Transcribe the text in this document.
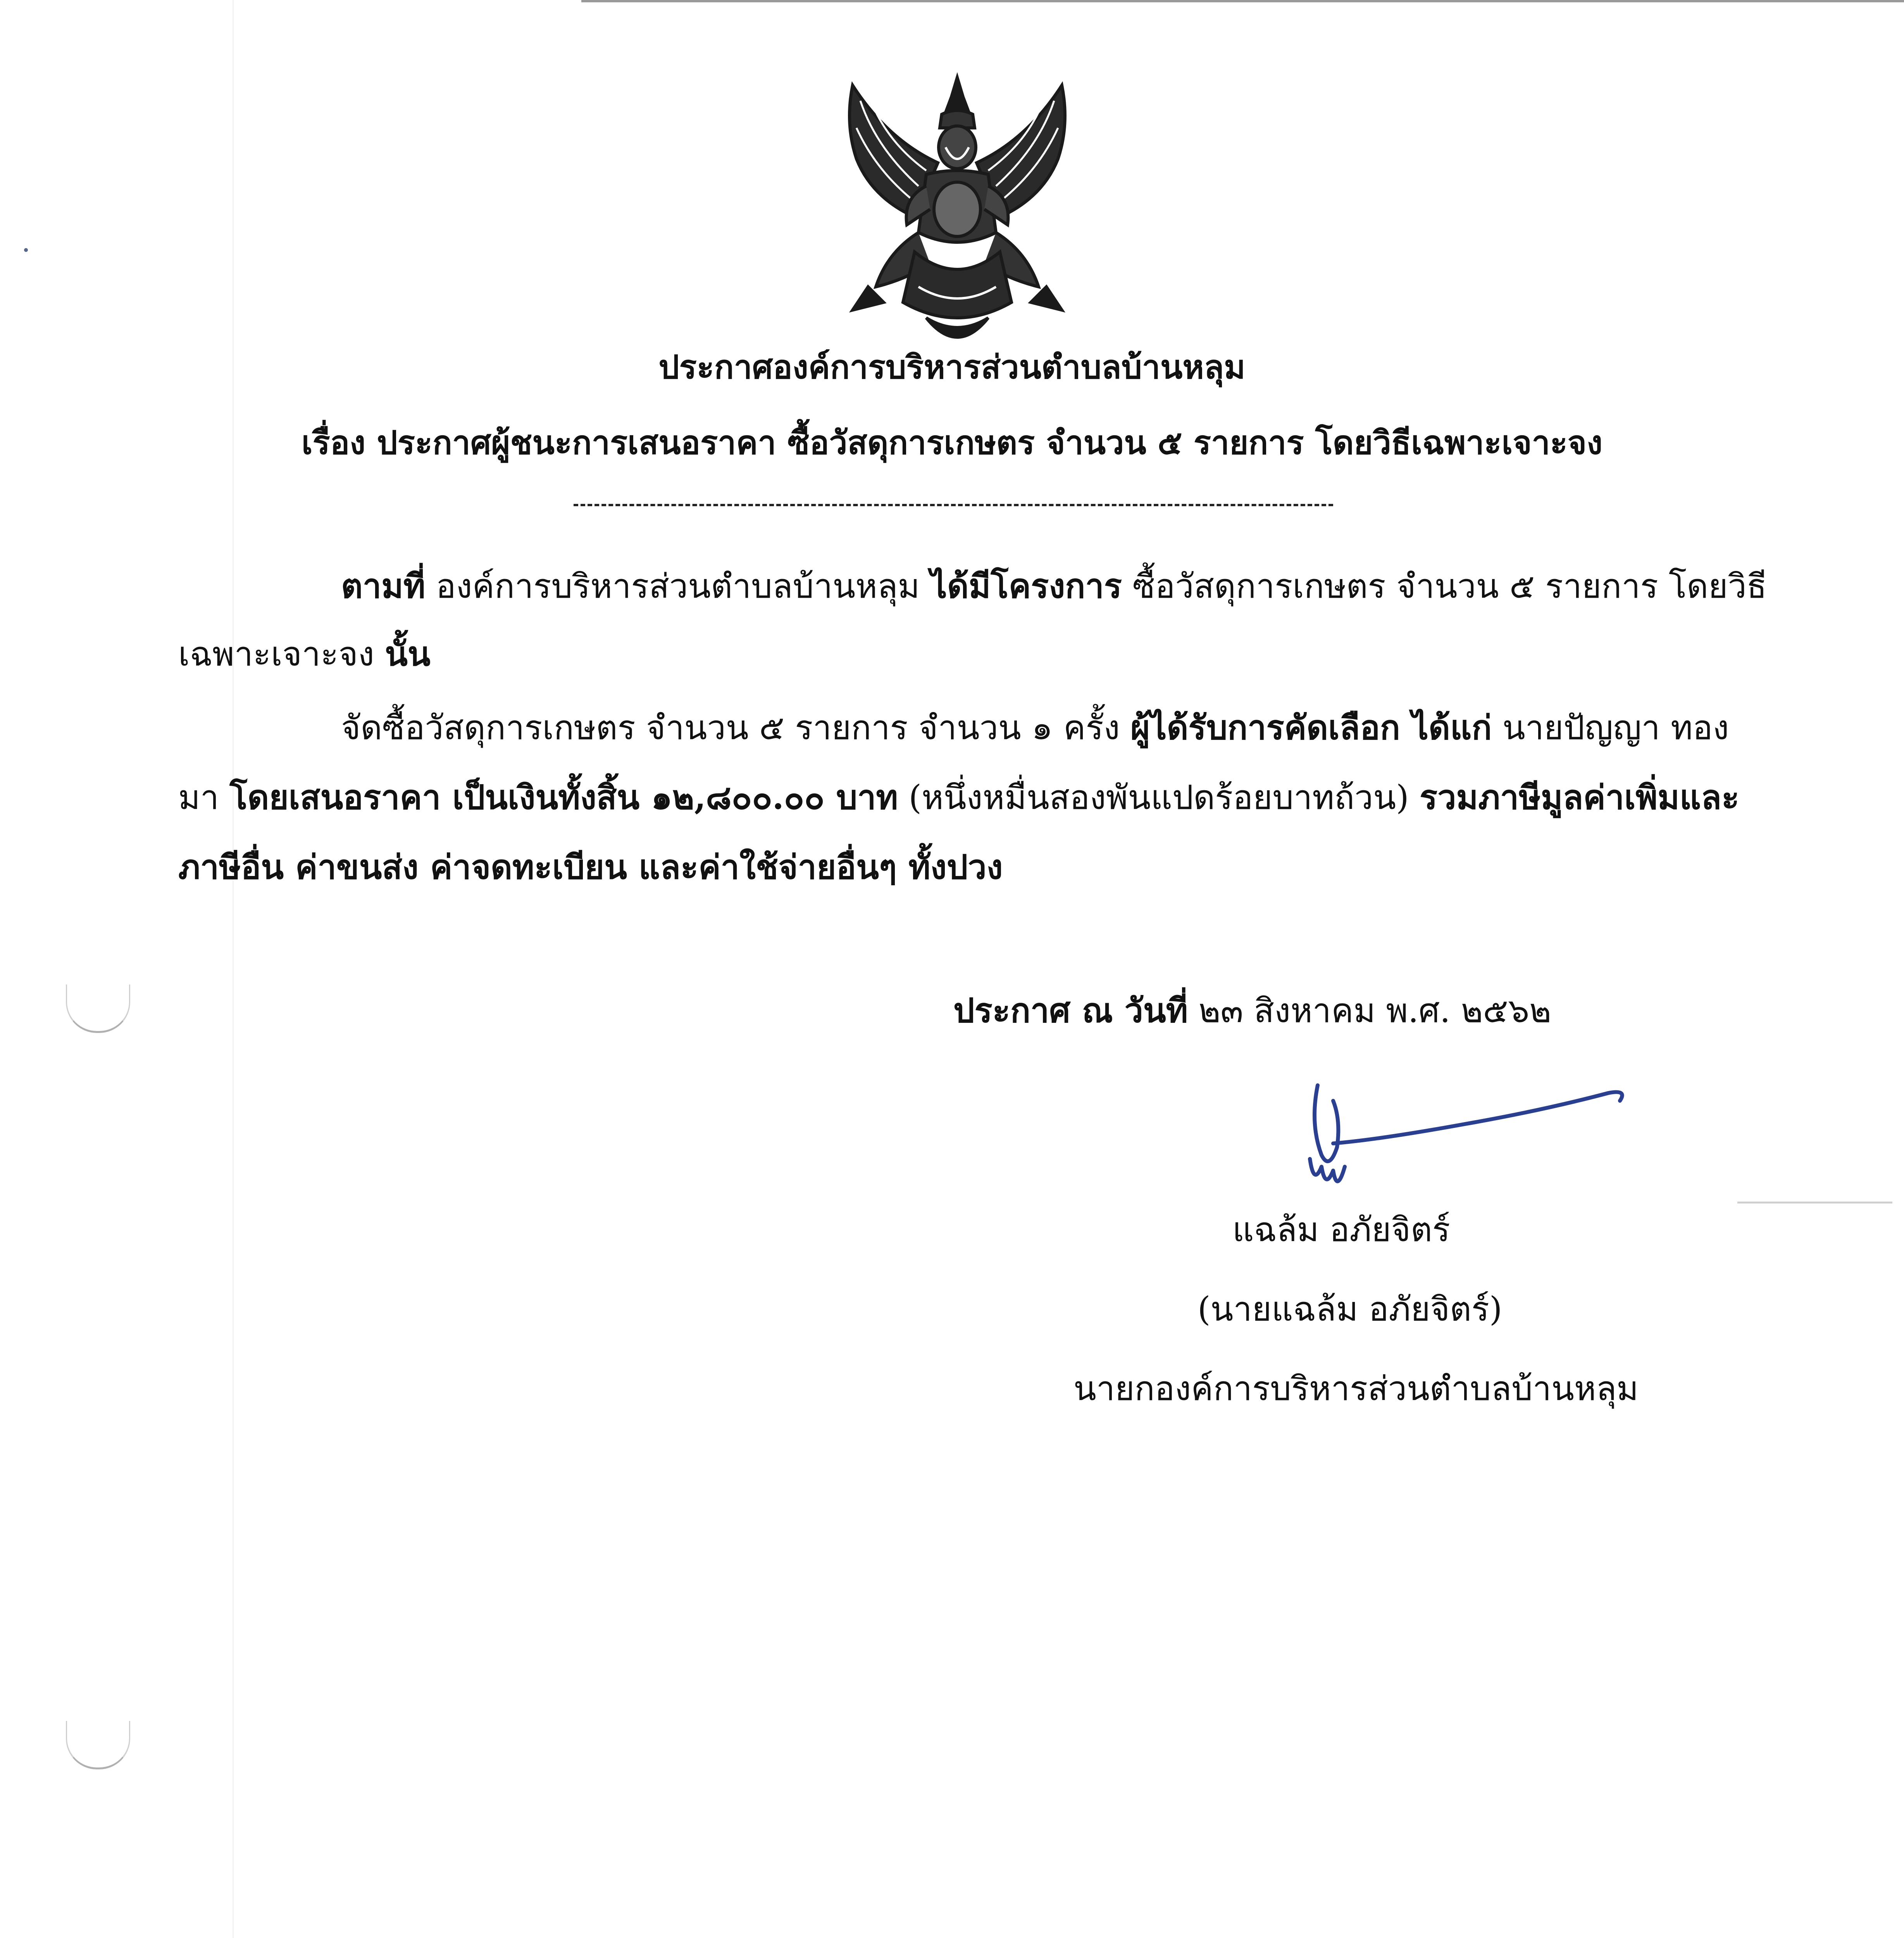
ประกาศองค์การบริหารส่วนตำบลบ้านหลุม
เรื่อง ประกาศผู้ชนะการเสนอราคา ซื้อวัสดุการเกษตร จำนวน ๕ รายการ โดยวิธีเฉพาะเจาะจง
ตามที่ องค์การบริหารส่วนตำบลบ้านหลุม ได้มีโครงการ ซื้อวัสดุการเกษตร จำนวน ๕ รายการ โดยวิธี
เฉพาะเจาะจง นั้น
จัดซื้อวัสดุการเกษตร จำนวน ๕ รายการ จำนวน ๑ ครั้ง ผู้ได้รับการคัดเลือก ได้แก่ นายปัญญา ทอง
มา โดยเสนอราคา เป็นเงินทั้งสิ้น ๑๒,๘๐๐.๐๐ บาท (หนึ่งหมื่นสองพันแปดร้อยบาทถ้วน) รวมภาษีมูลค่าเพิ่มและ
ภาษีอื่น ค่าขนส่ง ค่าจดทะเบียน และค่าใช้จ่ายอื่นๆ ทั้งปวง
ประกาศ ณ วันที่ ๒๓ สิงหาคม พ.ศ. ๒๕๖๒
แฉล้ม อภัยจิตร์
(นายแฉล้ม อภัยจิตร์)
นายกองค์การบริหารส่วนตำบลบ้านหลุม
